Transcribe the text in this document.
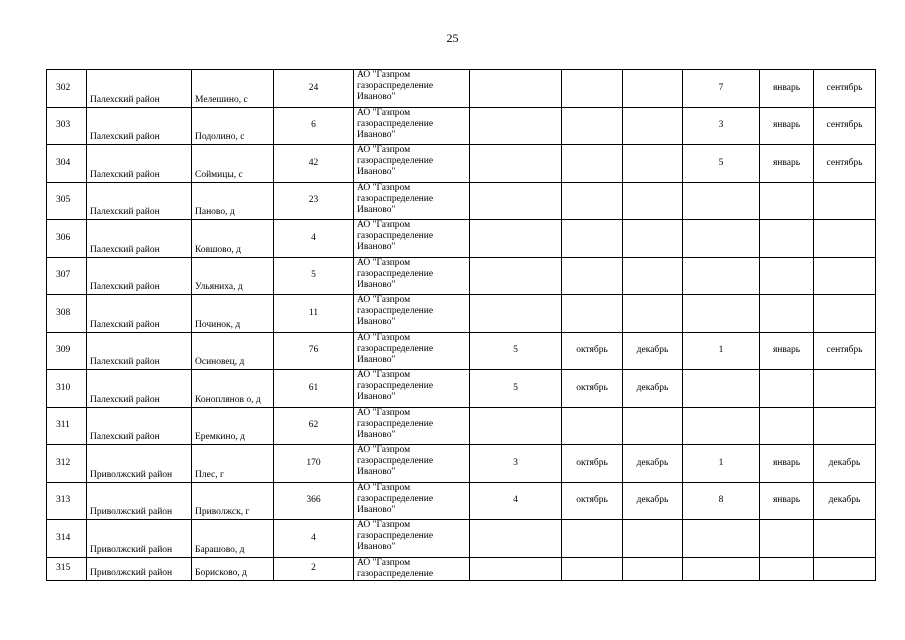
25
302	Палехский район	Мелешино, с	24	АО "Газпром
газораспределение
Иваново"				7	январь	сентябрь
303	Палехский район	Подолино, с	6	АО "Газпром
газораспределение
Иваново"				3	январь	сентябрь
304	Палехский район	Соймицы, с	42	АО "Газпром
газораспределение
Иваново"				5	январь	сентябрь
305	Палехский район	Паново, д	23	АО "Газпром
газораспределение
Иваново"						

306	Палехский район	Ковшово, д	4	АО "Газпром
газораспределение
Иваново"						

307	Палехский район	Ульяниха, д	5	АО "Газпром
газораспределение
Иваново"						

308	Палехский район	Починок, д	11	АО "Газпром
газораспределение
Иваново"						

309	Палехский район	Осиновец, д	76	АО "Газпром
газораспределение
Иваново"	5	октябрь	декабрь	1	январь	сентябрь
310	Палехский район	Коноплянов о, д	61	АО "Газпром
газораспределение
Иваново"	5	октябрь	декабрь			
311	Палехский район	Еремкино, д	62	АО "Газпром
газораспределение
Иваново"						

312	Приволжский район	Плес, г	170	АО "Газпром
газораспределение
Иваново"	3	октябрь	декабрь	1	январь	декабрь
313	Приволжский район	Приволжск, г	366	АО "Газпром
газораспределение
Иваново"	4	октябрь	декабрь	8	январь	декабрь
314	Приволжский район	Барашово, д	4	АО "Газпром
газораспределение
Иваново"						

315	Приволжский район	Борисково, д	2	АО "Газпром
газораспределение						
